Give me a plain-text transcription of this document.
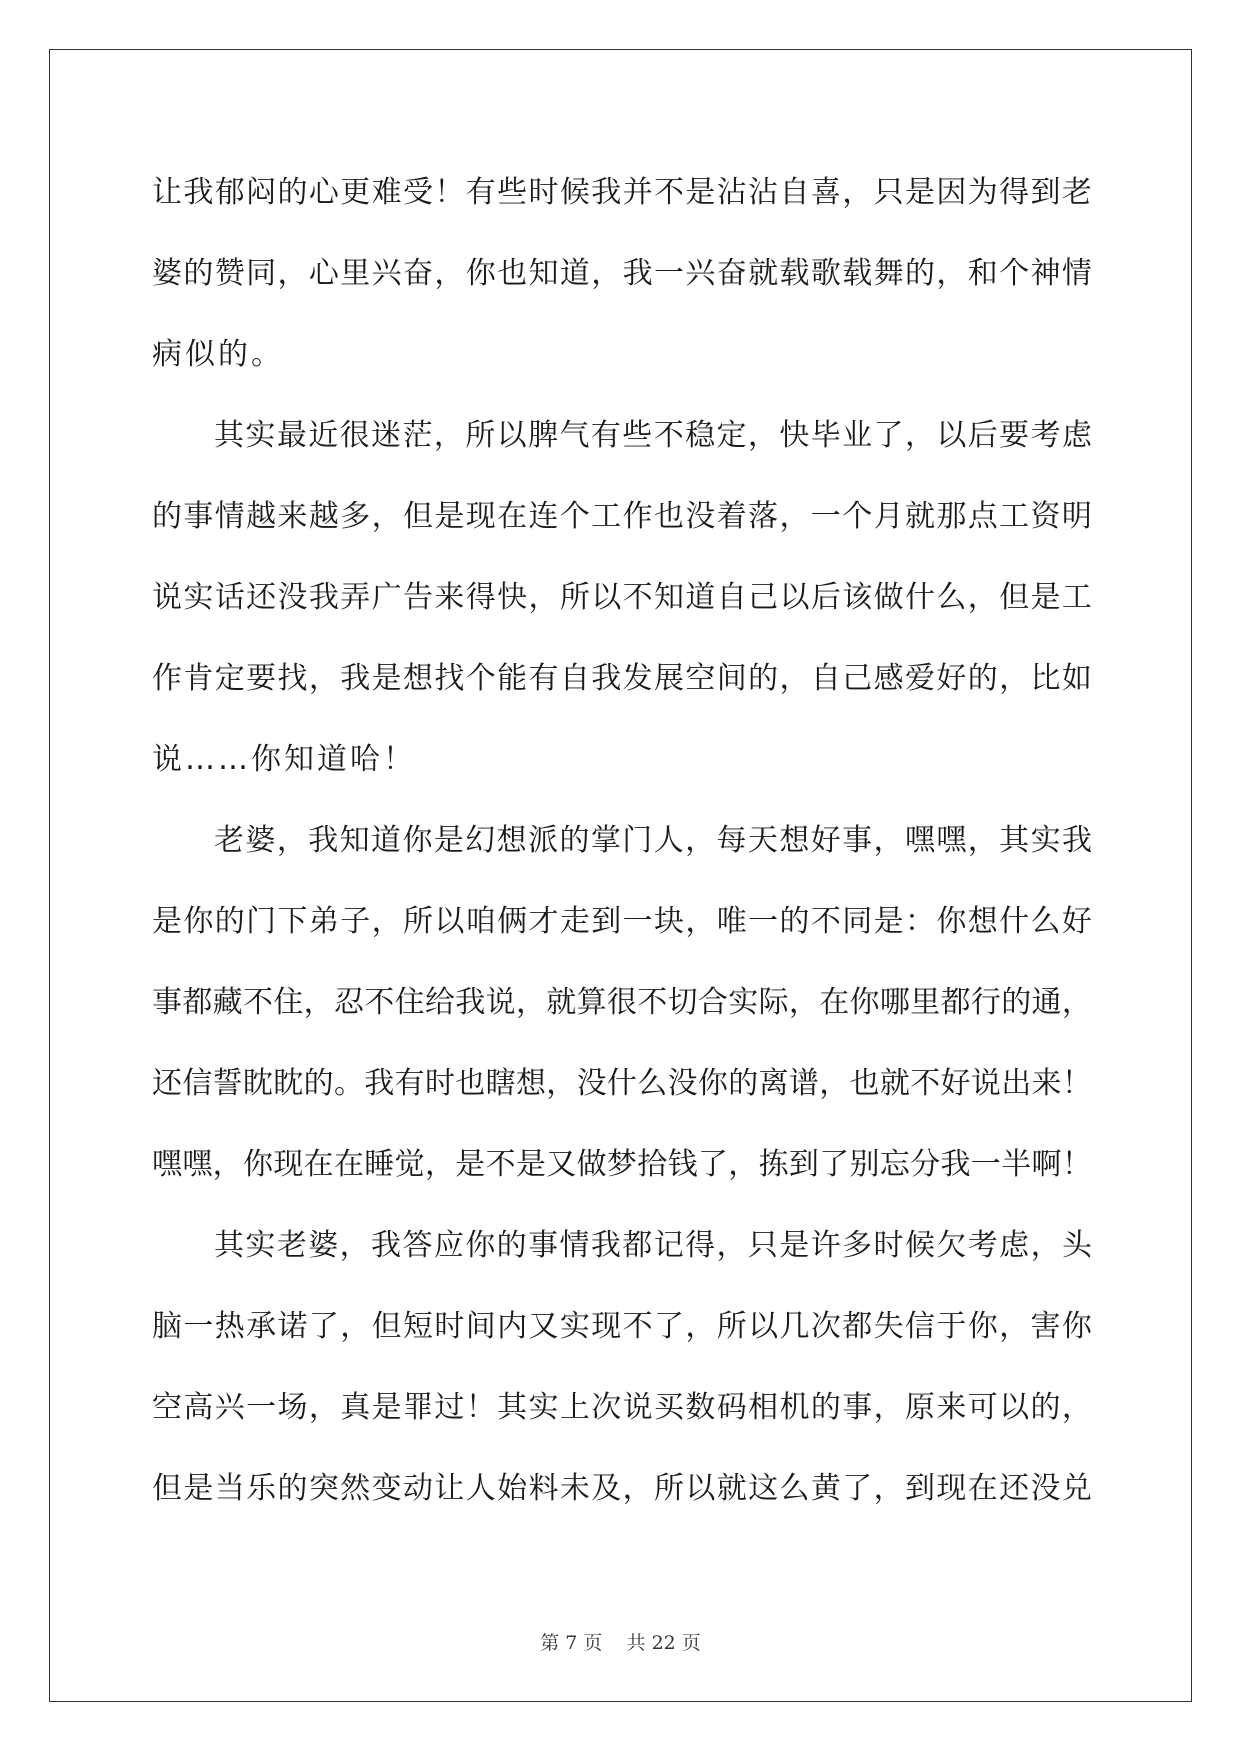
让 我 郁 闷 的 心 更 难 受 ！ 有 些 时 候 我 并 不 是 沾 沾 自 喜 ， 只 是 因 为 得 到 老
婆 的 赞 同 ， 心 里 兴 奋 ， 你 也 知 道 ， 我 一 兴 奋 就 载 歌 载 舞 的 ， 和 个 神 情
病似的。
其 实 最 近 很 迷 茫 ， 所 以 脾 气 有 些 不 稳 定 ， 快 毕 业 了 ， 以 后 要 考 虑
的 事 情 越 来 越 多 ， 但 是 现 在 连 个 工 作 也 没 着 落 ， 一 个 月 就 那 点 工 资 明
说 实 话 还 没 我 弄 广 告 来 得 快 ， 所 以 不 知 道 自 己 以 后 该 做 什 么 ， 但 是 工
作 肯 定 要 找 ， 我 是 想 找 个 能 有 自 我 发 展 空 间 的 ， 自 己 感 爱 好 的 ， 比 如
说……你知道哈！
老 婆 ， 我 知 道 你 是 幻 想 派 的 掌 门 人 ， 每 天 想 好 事 ， 嘿 嘿 ， 其 实 我
是 你 的 门 下 弟 子 ， 所 以 咱 俩 才 走 到 一 块 ， 唯 一 的 不 同 是 ： 你 想 什 么 好
事 都 藏 不 住 ， 忍 不 住 给 我 说 ， 就 算 很 不 切 合 实 际 ， 在 你 哪 里 都 行 的 通 ，
还 信 誓 眈 眈 的 。 我 有 时 也 瞎 想 ， 没 什 么 没 你 的 离 谱 ， 也 就 不 好 说 出 来 ！
嘿 嘿 ， 你 现 在 在 睡 觉 ， 是 不 是 又 做 梦 拾 钱 了 ， 拣 到 了 别 忘 分 我 一 半 啊 ！
其 实 老 婆 ， 我 答 应 你 的 事 情 我 都 记 得 ， 只 是 许 多 时 候 欠 考 虑 ， 头
脑 一 热 承 诺 了 ， 但 短 时 间 内 又 实 现 不 了 ， 所 以 几 次 都 失 信 于 你 ， 害 你
空 高 兴 一 场 ， 真 是 罪 过 ！ 其 实 上 次 说 买 数 码 相 机 的 事 ， 原 来 可 以 的 ，
但 是 当 乐 的 突 然 变 动 让 人 始 料 未 及 ， 所 以 就 这 么 黄 了 ， 到 现 在 还 没 兑
第 7 页    共 22 页
